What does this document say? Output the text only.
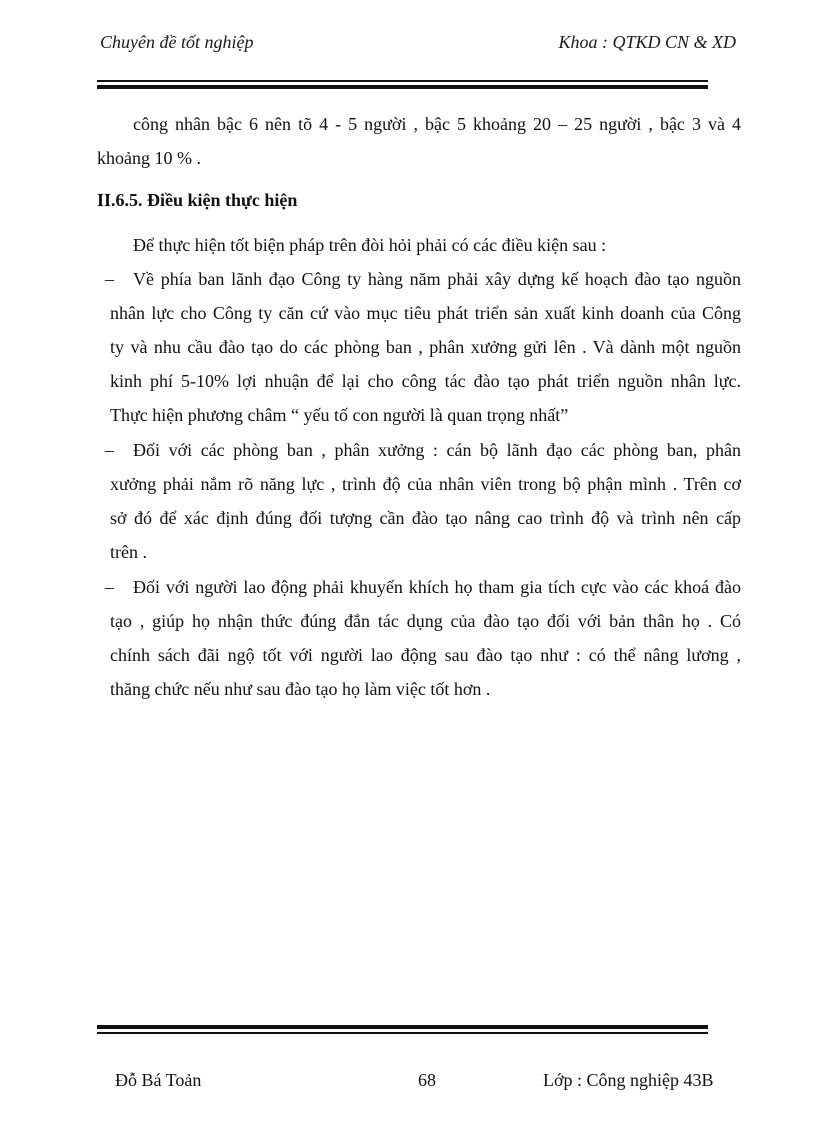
Chuyên đề tốt nghiệp	Khoa : QTKD CN & XD
công nhân bậc 6 nên tõ 4 - 5 người , bậc 5 khoảng 20 – 25 người , bậc 3 và 4
khoảng 10 % .
II.6.5. Điều kiện thực hiện
Để thực hiện tốt biện pháp trên đòi hỏi phải có các điều kiện sau :
– Về phía ban lãnh đạo Công ty hàng năm phải xây dựng kế hoạch đào tạo nguồn
nhân lực cho Công ty căn cứ vào mục tiêu phát triển sản xuất kinh doanh của Công
ty và nhu cầu đào tạo do các phòng ban , phân xưởng gửi lên . Và dành một nguồn
kinh phí 5-10% lợi nhuận để lại cho công tác đào tạo phát triển nguồn nhân lực.
Thực hiện phương châm “ yếu tố con người là quan trọng nhất”
– Đối với các phòng ban , phân xưởng : cán bộ lãnh đạo các phòng ban, phân
xưởng phải nắm rõ năng lực , trình độ của nhân viên trong bộ phận mình . Trên cơ
sở đó để xác định đúng đối tượng cần đào tạo nâng cao trình độ và trình nên cấp
trên .
– Đối với người lao động phải khuyến khích họ tham gia tích cực vào các khoá đào
tạo , giúp họ nhận thức đúng đắn tác dụng của đào tạo đối với bản thân họ . Có
chính sách đãi ngộ tốt với người lao động sau đào tạo như : có thể nâng lương ,
thăng chức nếu như sau đào tạo họ làm việc tốt hơn .
Đỗ Bá Toản	68	Lớp : Công nghiệp 43B
